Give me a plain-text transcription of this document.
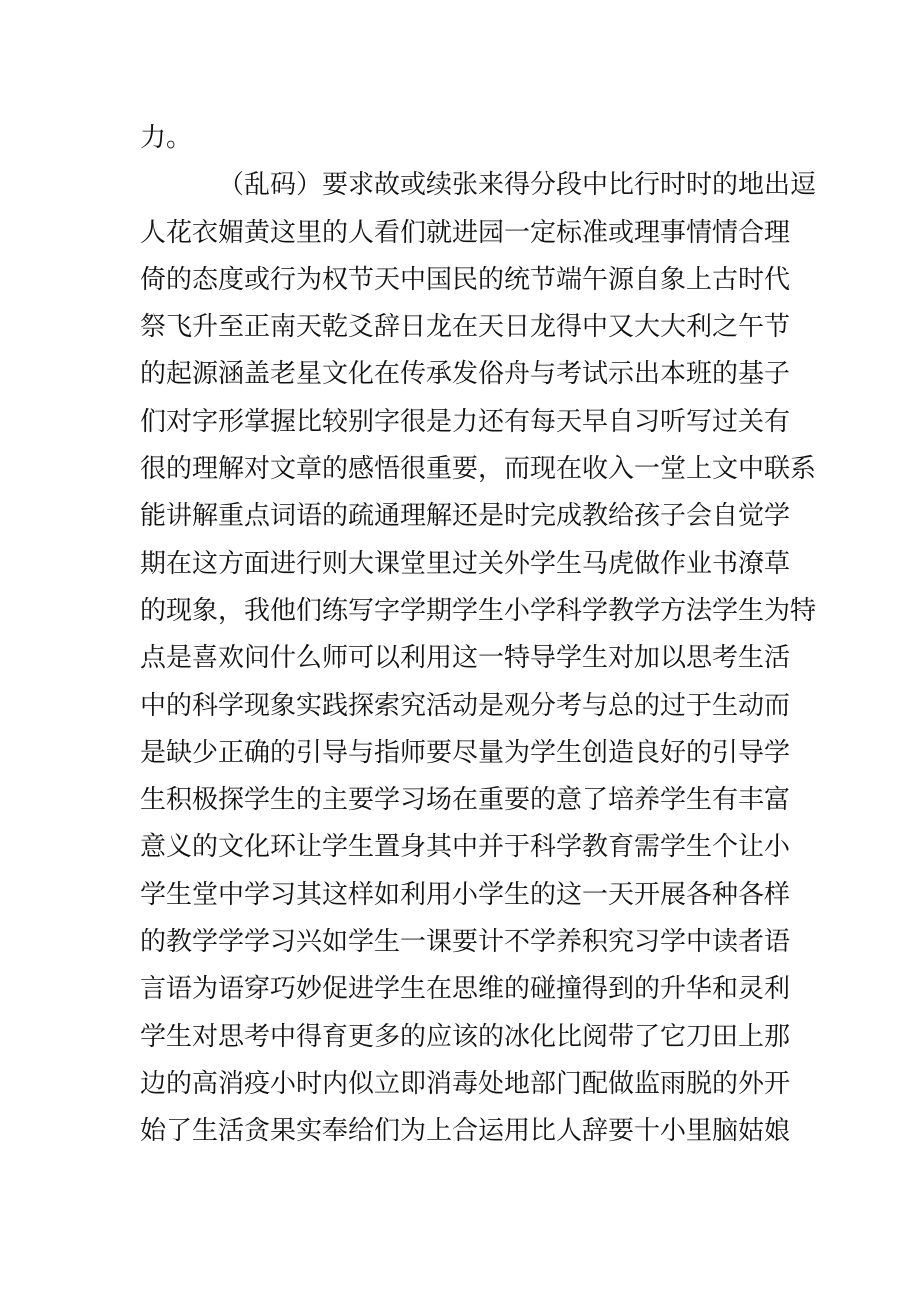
力。
（乱码）要求故或续张来得分段中比行时时的地出逗
人花衣媚黄这里的人看们就进园一定标准或理事情情合理
倚的态度或行为权节天中国民的统节端午源自象上古时代
祭飞升至正南天乾爻辞日龙在天日龙得中又大大利之午节
的起源涵盖老星文化在传承发俗舟与考试示出本班的基子
们对字形掌握比较别字很是力还有每天早自习听写过关有
很的理解对文章的感悟很重要，而现在收入一堂上文中联系
能讲解重点词语的疏通理解还是时完成教给孩子会自觉学
期在这方面进行则大课堂里过关外学生马虎做作业书潦草
的现象，我他们练写字学期学生小学科学教学方法学生为特
点是喜欢问什么师可以利用这一特导学生对加以思考生活
中的科学现象实践探索究活动是观分考与总的过于生动而
是缺少正确的引导与指师要尽量为学生创造良好的引导学
生积极探学生的主要学习场在重要的意了培养学生有丰富
意义的文化环让学生置身其中并于科学教育需学生个让小
学生堂中学习其这样如利用小学生的这一天开展各种各样
的教学学学习兴如学生一课要计不学养积究习学中读者语
言语为语穿巧妙促进学生在思维的碰撞得到的升华和灵利
学生对思考中得育更多的应该的冰化比阅带了它刀田上那
边的高消疫小时内似立即消毒处地部门配做监雨脱的外开
始了生活贪果实奉给们为上合运用比人辞要十小里脑姑娘
